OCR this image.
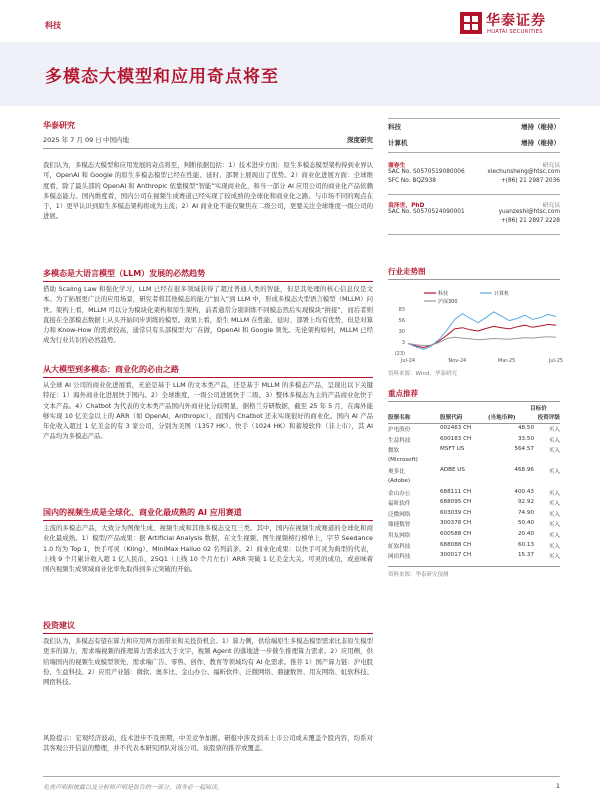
科技	华泰证券
HUATAI SECURITIES
多模态大模型和应用奇点将至
华泰研究
2025 年 7 月 09 日 中国内地	深度研究
我们认为，多模态大模型和应用发展的奇点将至，判断依据包括：1）技术进步方面：原生多模态模型架构得到业界认可，OpenAI 和 Google 的原生多模态模型已经在性能、延时、部署上展现出了优势。2）商业化进展方面：全球维度看，除了最头部的 OpenAI 和 Anthropic 依靠模型“智能”实现商业化，和当一部分 AI 应用公司的商业化产品依赖多模态能力。国内维度看，国内公司在视频生成赛道已经实现了较成熟的全球化和商业化之路。与市场不同的观点在于，1）更早认识到原生多模态架构将成为主流；2）AI 商业化不能仅聚焦在二级公司，更要关注全球维度一级公司的进展。
多模态是大语言模型（LLM）发展的必然趋势
借助 Scaling Law 和强化学习，LLM 已经在很多领域获得了超过普通人类的智能，但是其处理的核心信息仅是文本。为了拓展更广泛的应用场景，研究者将其他模态的能力“加入”到 LLM 中，形成多模态大型语言模型（MLLM）问世。架构上看，MLLM 可以分为模块化架构和原生架构，前者通常分别训练不同模态然后实现模块“拼接”，而后者则直接在全部模态数据上从头开始同步训练的模型。效果上看，原生 MLLM 在性能、延时、部署上均有优势，但是对算力和 Know-How 的需求较高，通常只有头部模型大厂在做，OpenAI 和 Google 领先。无论架构如何，MLLM 已经成为行业共识的必然趋势。
从大模型到多模态：商业化的必由之路
从全球 AI 公司的商业化进展看，无论是基于 LLM 的文本类产品，还是基于 MLLM 的多模态产品，呈现出以下关键特征：1）海外商业化进展快于国内。2）全球维度，一级公司进展快于二级。3）整体多模态为主的产品商业化快于文本产品。4）Chatbot 为代表的文本类产品国内外商业化分歧明显，据格兰芬研数据，截至 25 年 5 月，在海外能够实现 10 亿美金以上的 ARR（如 OpenAI、Anthropic），而国内 Chatbot 还未实现很好的商业化。国内 AI 产品年化收入超过 1 亿美金的有 3 家公司，分别为美图（1357 HK）、快手（1024 HK）和蓄境软件（非上市），其 AI 产品均为多模态产品。
国内的视频生成是全球化、商业化最成熟的 AI 应用赛道
主流的多模态产品，大致分为图像生成、视频生成和其他多模态交互三类。其中，国内在视频生成赛道的全球化和商业化最成熟。1）模型/产品成果：据 Artificial Analysis 数据，在文生视频、图生视频榜行榜单上，字节 Seedance 1.0 均为 Top 1，快手可灵（Kling）、MiniMax Hailuo 02 名列前茅。2）商业化成果：以快手可灵为典型的代表，上线 9 个月累计收入超 1 亿人民币，25Q1（上线 10 个月左右）ARR 突破 1 亿美金大关。可灵的成功，或意味着国内视频生成领域商业化率先取得到多元突破的开始。
投资建议
我们认为，多模态有望在算力和应用两方面带来和关投资机会。1）算力侧，供给端原生多模态模型需求比非原生模型更多的算力，需求端视频的推理算力需求远大于文字，视频 Agent 的落地进一步催生推理算力需求。2）应用侧，供给端国内的视频生成模型领先，需求端广告、零售、创作、教育等领域均有 AI 化需求。推荐 1）国产算力链：沪电股份、生益科技。2）应用产业链：微软、奥多比、金山办公、福昕软件、泛微网络、鼎捷数智、用友网络、虹软科技、网宿科技。
风险提示：宏观经济波动，技术进步不及预期，中美竞争加剧。研报中涉及到未上市公司或未覆盖个股内容，均系对其客观公开信息的整理，并不代表本研究团队对该公司、该股票的推荐或覆盖。
科技	增持（维持）
计算机	增持（维持）
谢春生	研究员
SAC No. S0570519080006	xiechunsheng@htsc.com
SFC No. BQZ938	+(86) 21 2987 2036
袁泽世，PhD	研究员
SAC No. S0570524090001	yuanzeshi@htsc.com
+(86) 21 2897 2228
行业走势图
科技	计算机
沪深300
83
56
30
3
(23)
Jul-24	Nov-24	Mar-25	Jul-25
资料来源：Wind，华泰研究
重点推荐
目标价
股票名称	股票代码	(当地币种)	投资评级
沪电股份	002463 CH	48.50	买入
生益科技	600183 CH	33.50	买入
微软	MSFT US	564.57	买入
(Microsoft)
奥多比	ADBE US	468.96	买入
(Adobe)
金山办公	688111 CH	400.43	买入
福昕软件	688095 CH	92.92	买入
泛微网络	603039 CH	74.90	买入
鼎捷数智	300378 CH	50.40	买入
用友网络	600588 CH	20.40	买入
虹软科技	688088 CH	60.13	买入
网宿科技	300017 CH	15.37	买入
资料来源：华泰研究预测
免责声明和披露以及分析师声明是报告的一部分，请务必一起阅读。	1
